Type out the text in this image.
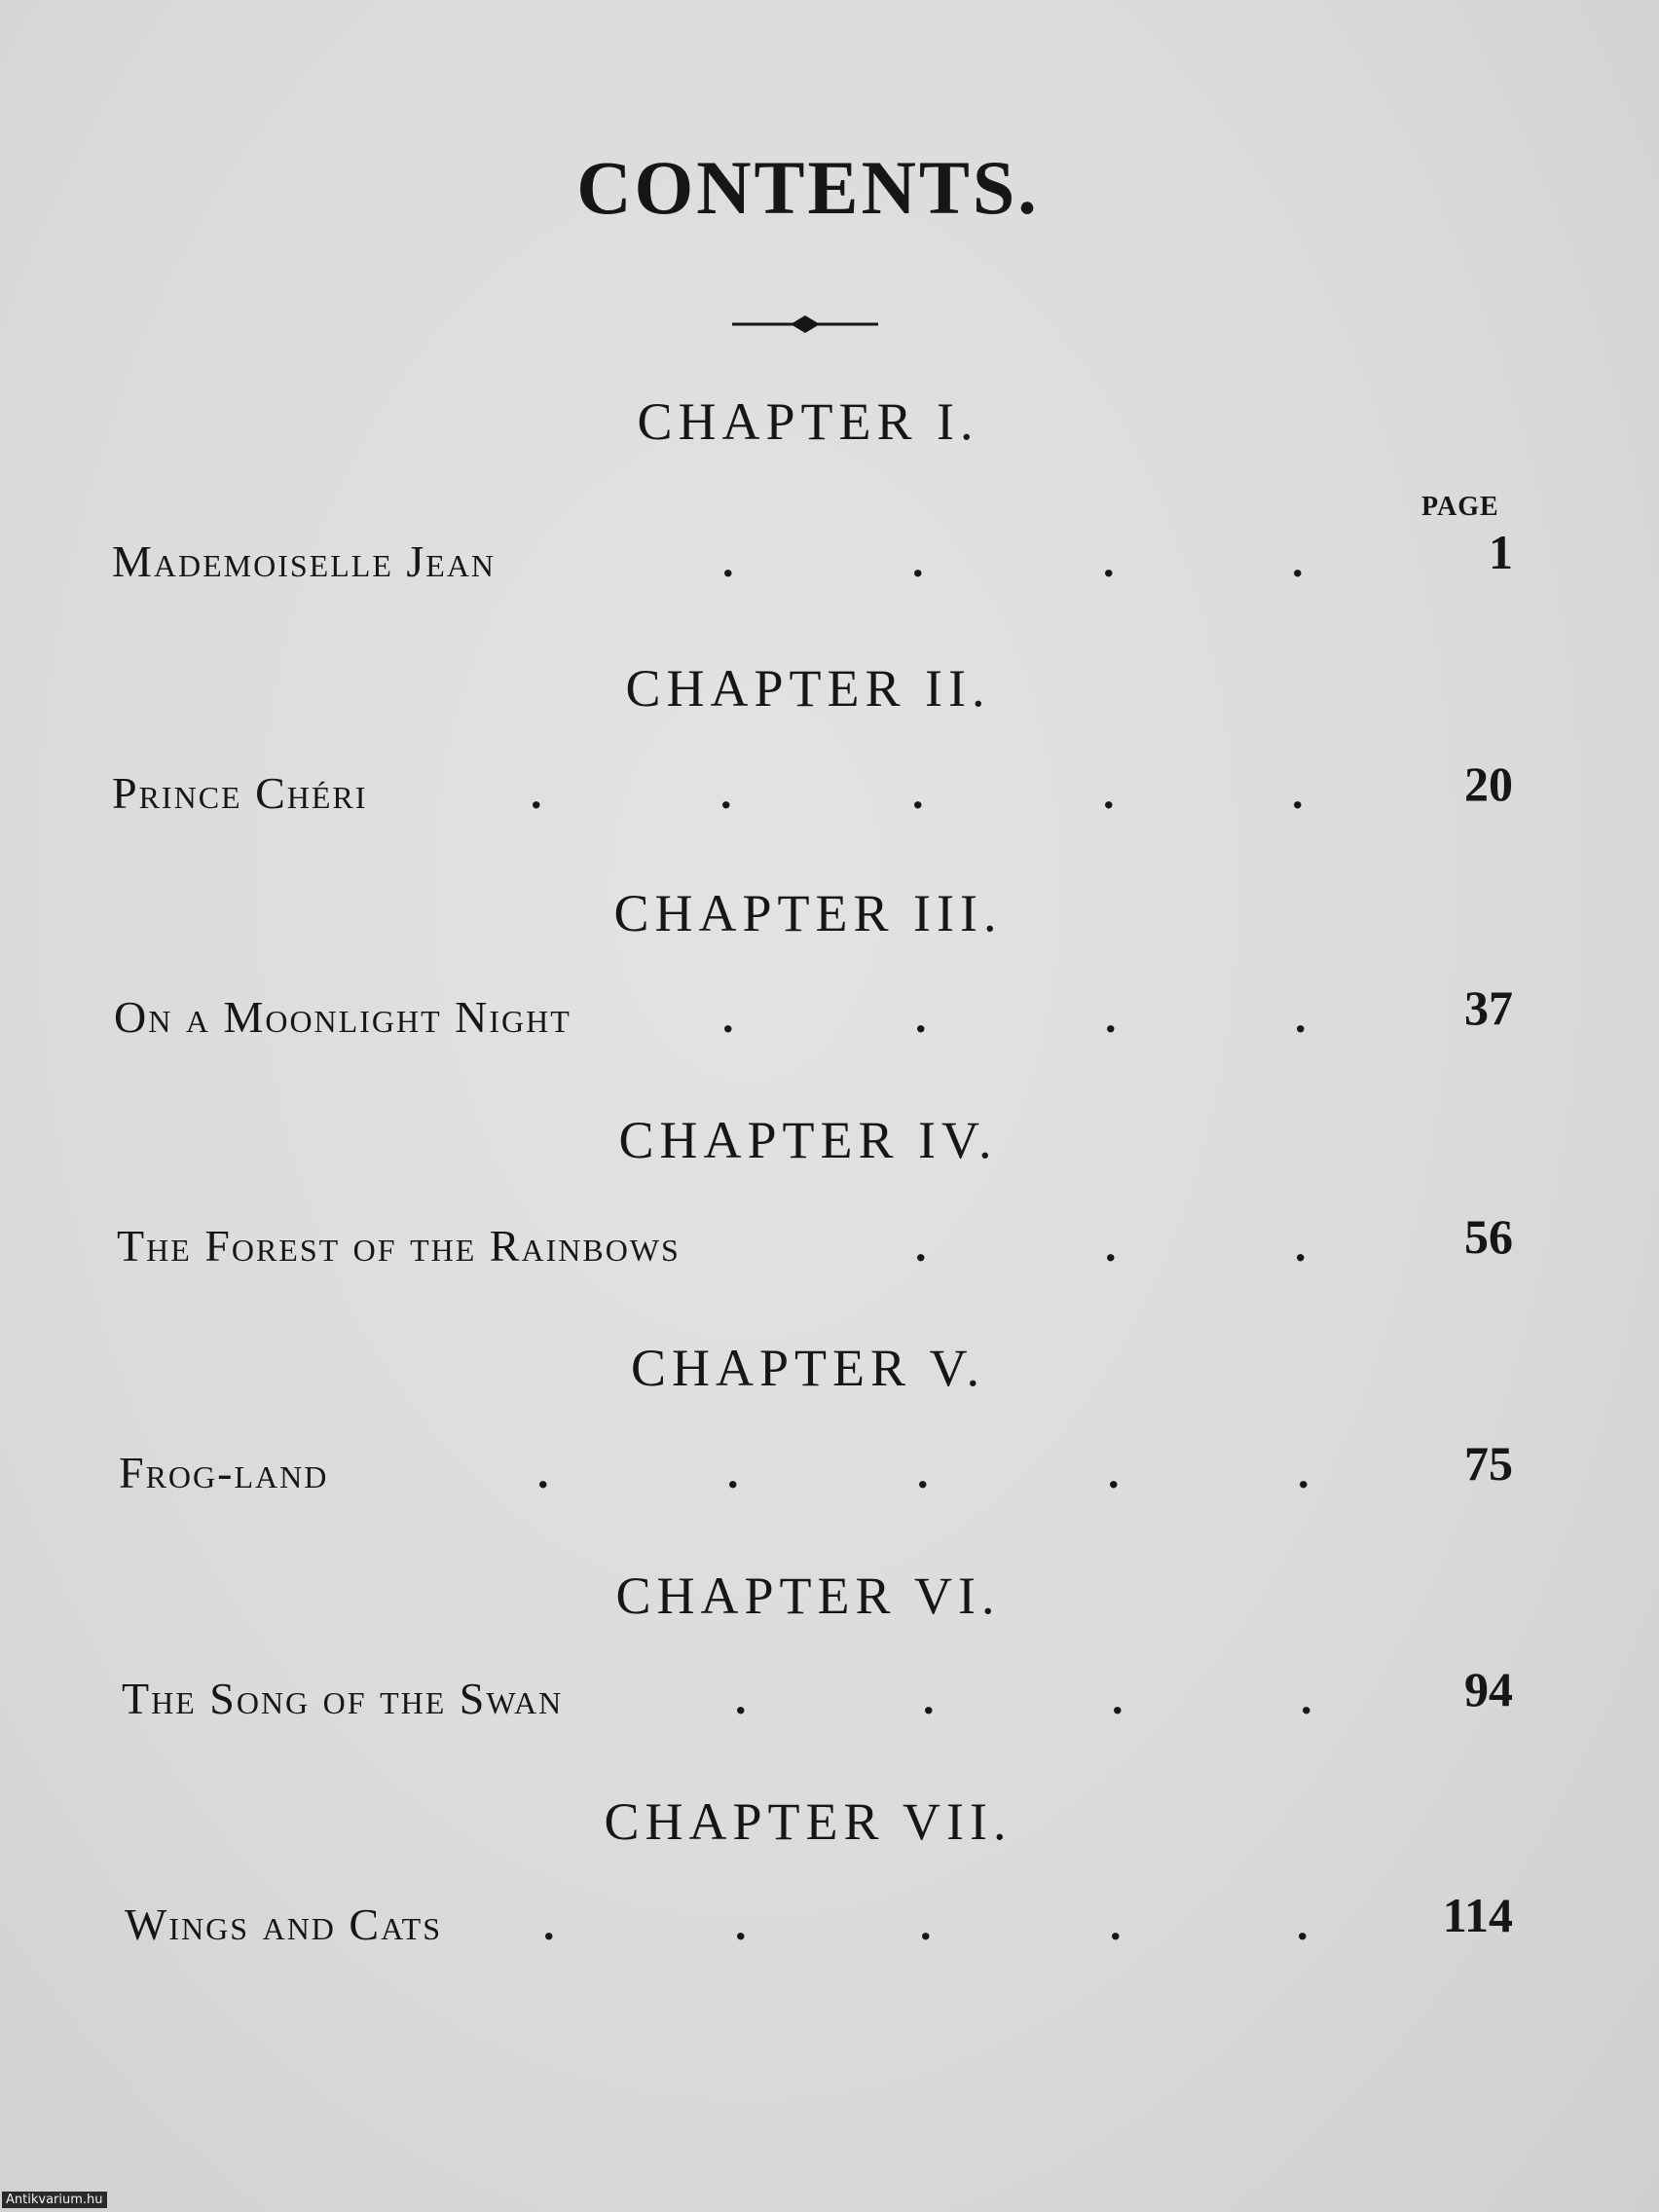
CONTENTS.
CHAPTER I.
PAGE
Mademoiselle Jean	.	.	.	.	1
CHAPTER II.
Prince Chéri	.	.	.	.	.	20
CHAPTER III.
On a Moonlight Night	.	.	.	.	37
CHAPTER IV.
The Forest of the Rainbows	.	.	.	56
CHAPTER V.
Frog-land	.	.	.	.	.	75
CHAPTER VI.
The Song of the Swan	.	.	.	.	94
CHAPTER VII.
Wings and Cats .	.	.	.	.	114
Antikvarium.hu
